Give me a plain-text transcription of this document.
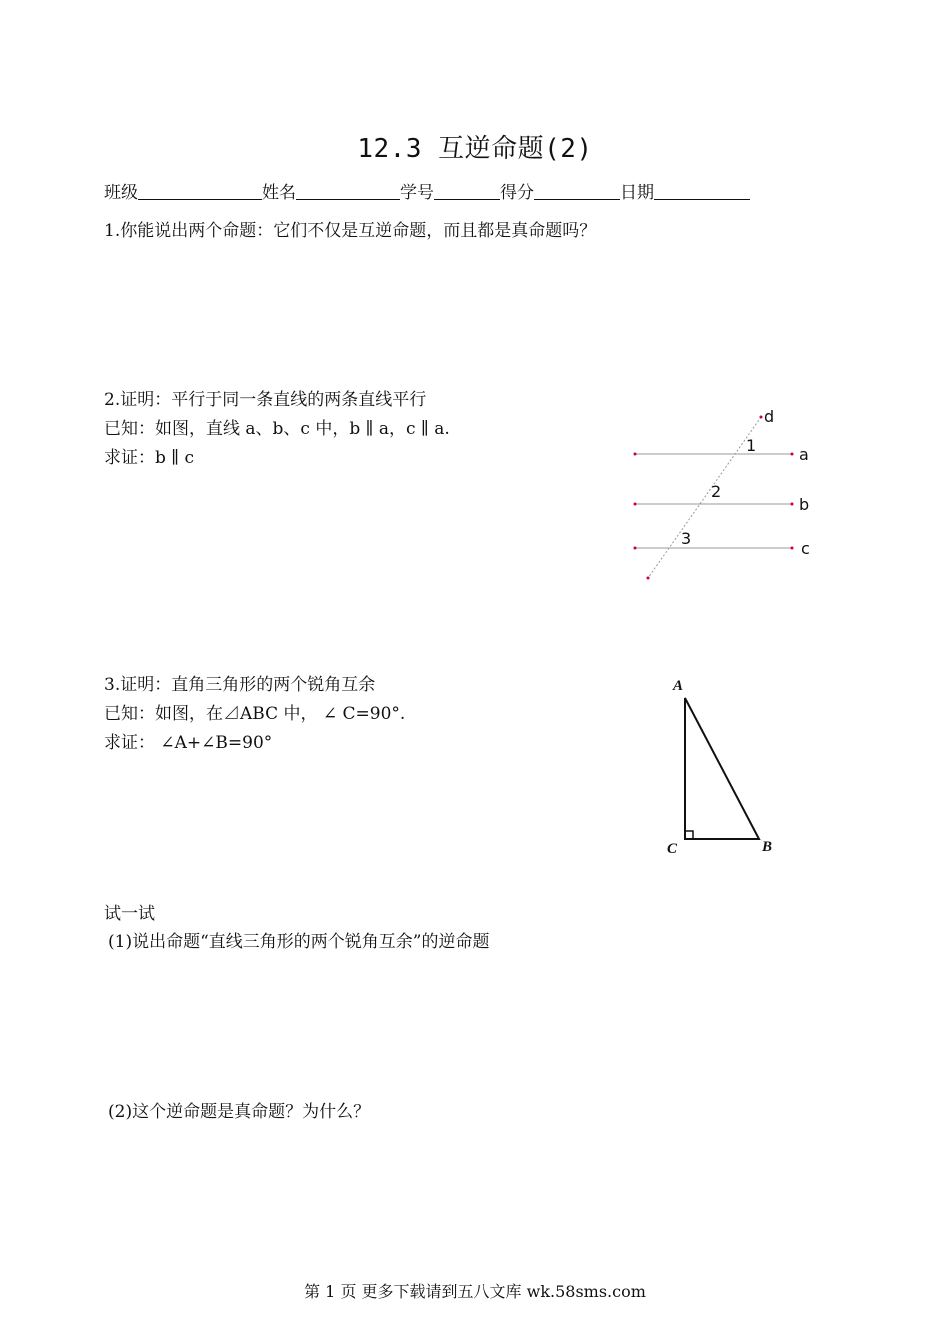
12.3 互逆命题(2)
班级	姓名	学号	得分	日期
1.你能说出两个命题：它们不仅是互逆命题，而且都是真命题吗？
2.证明：平行于同一条直线的两条直线平行
已知：如图，直线 a、b、c 中，b ∥ a，c ∥ a.
求证：b ∥ c	a
b
c
d
1
2
3
3.证明：直角三角形的两个锐角互余
已知：如图，在⊿ABC 中， ∠ C=90°.
求证： ∠A+∠B=90°
A
C	B
试一试
(1)说出命题“直线三角形的两个锐角互余”的逆命题
(2)这个逆命题是真命题？为什么？
第 1 页 更多下载请到五八文库 wk.58sms.com
